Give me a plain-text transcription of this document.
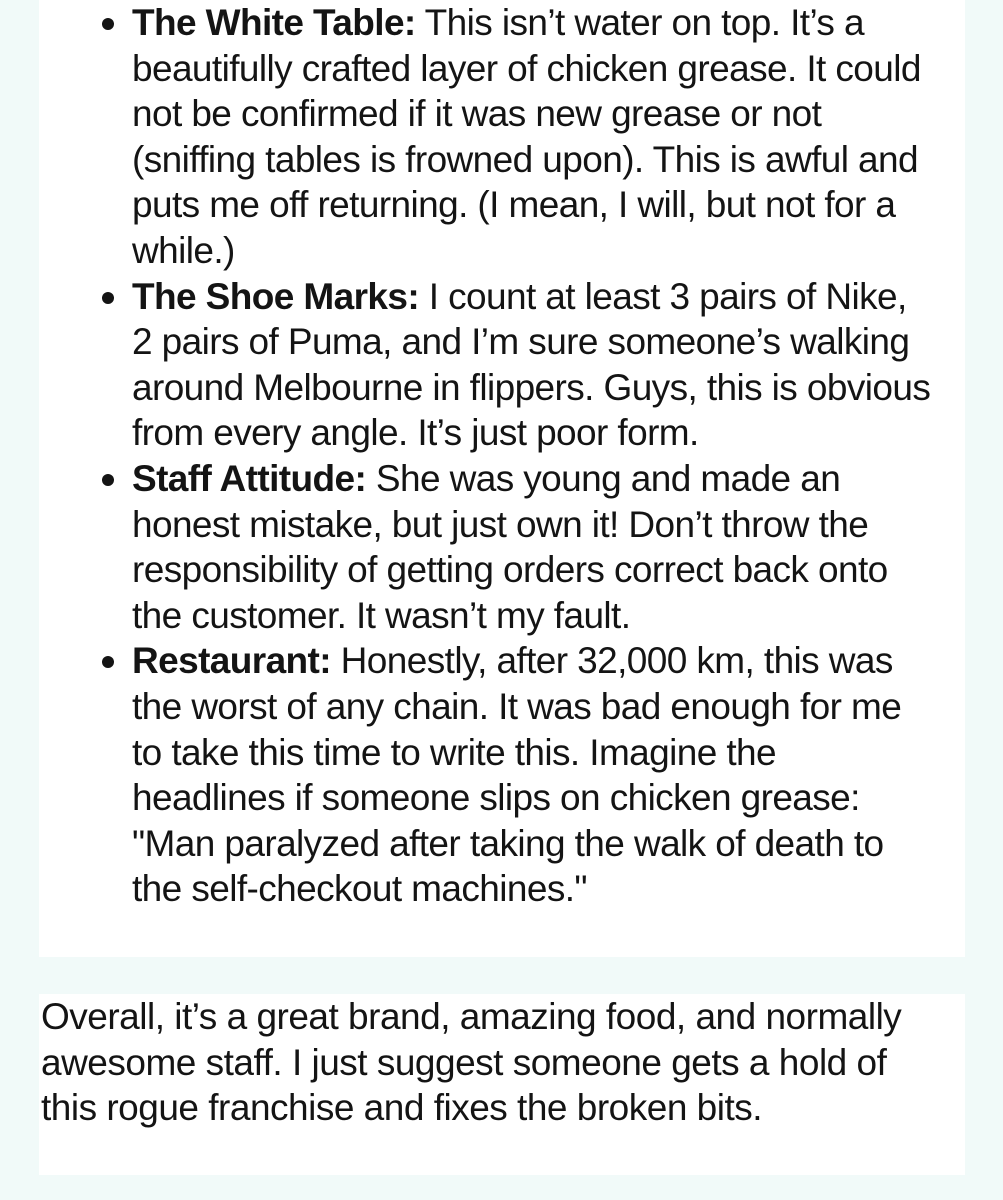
The White Table: This isn’t water on top. It’s a beautifully crafted layer of chicken grease. It could not be confirmed if it was new grease or not (sniffing tables is frowned upon). This is awful and puts me off returning. (I mean, I will, but not for a while.)
The Shoe Marks: I count at least 3 pairs of Nike, 2 pairs of Puma, and I’m sure someone’s walking around Melbourne in flippers. Guys, this is obvious from every angle. It’s just poor form.
Staff Attitude: She was young and made an honest mistake, but just own it! Don’t throw the responsibility of getting orders correct back onto the customer. It wasn’t my fault.
Restaurant: Honestly, after 32,000 km, this was the worst of any chain. It was bad enough for me to take this time to write this. Imagine the headlines if someone slips on chicken grease: "Man paralyzed after taking the walk of death to the self-checkout machines."

Overall, it’s a great brand, amazing food, and normally awesome staff. I just suggest someone gets a hold of this rogue franchise and fixes the broken bits.
